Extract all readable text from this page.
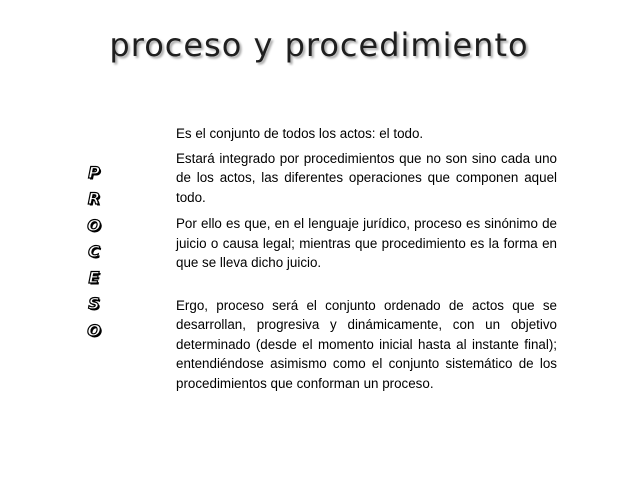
proceso y procedimiento
P
R
O
C
E
S
O

Es el conjunto de todos los actos: el todo.

Estará integrado por procedimientos que no son sino cada uno de los actos, las diferentes operaciones que componen aquel todo.

Por ello es que, en el lenguaje jurídico, proceso es sinónimo de juicio o causa legal; mientras que procedimiento es la forma en que se lleva dicho juicio.

Ergo, proceso será el conjunto ordenado de actos que se desarrollan, progresiva y dinámicamente, con un objetivo determinado (desde el momento inicial hasta al instante final); entendiéndose asimismo como el conjunto sistemático de los procedimientos que conforman un proceso.
